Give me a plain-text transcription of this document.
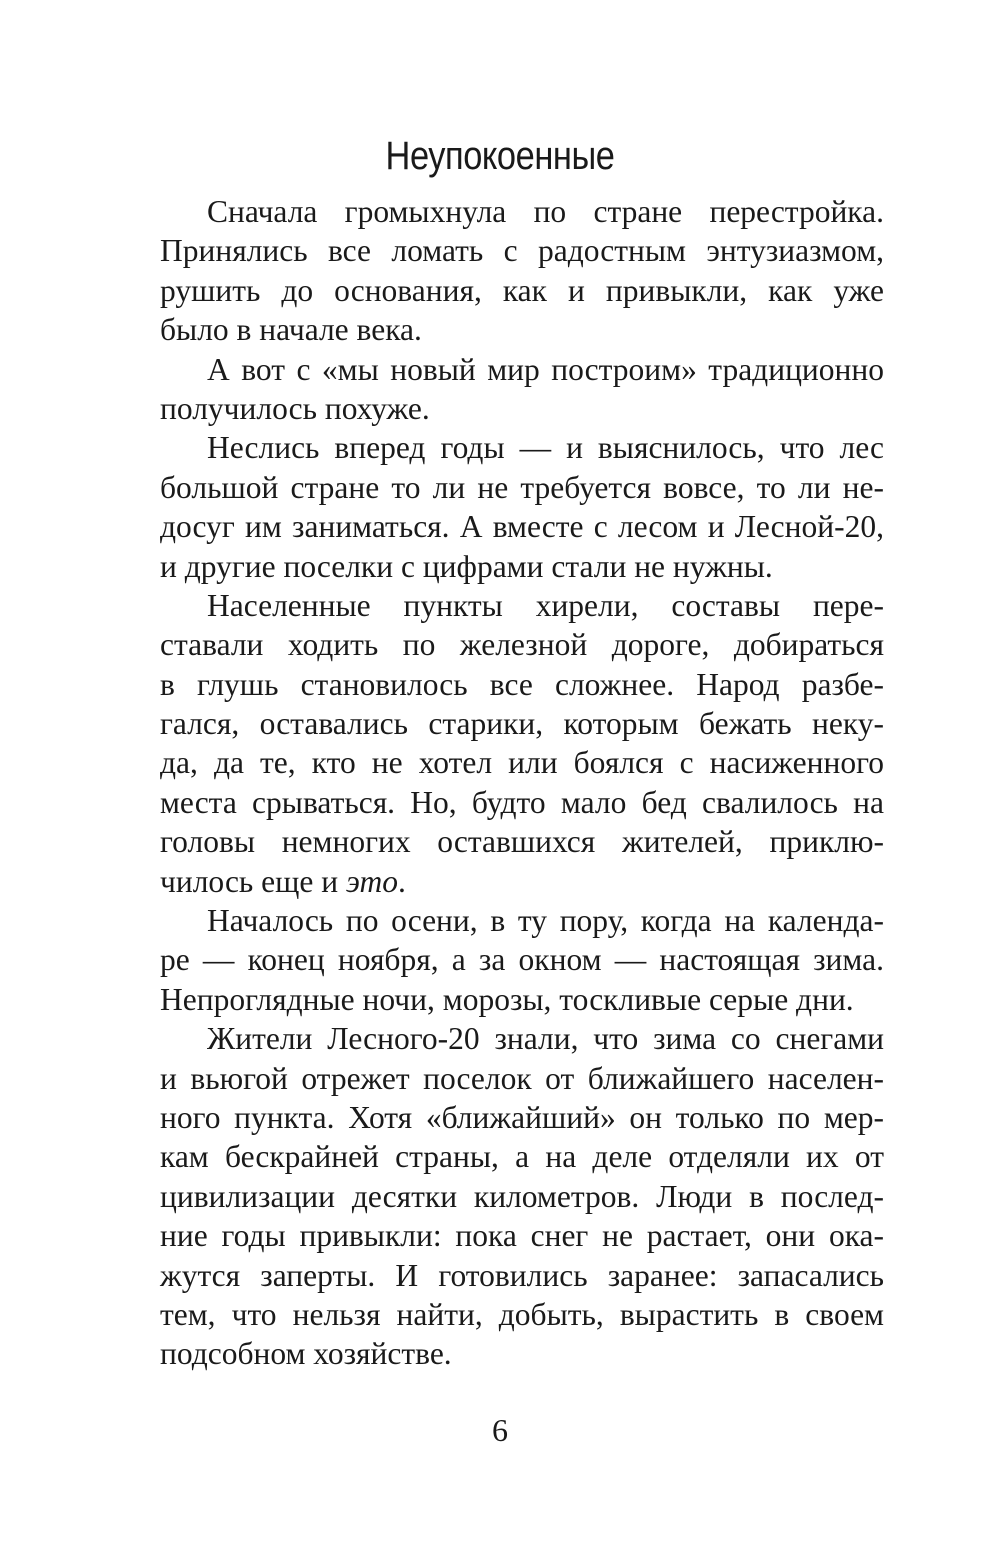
Неупокоенные
Сначала громыхнула по стране перестройка.
Принялись все ломать с радостным энтузиазмом,
рушить до основания, как и привыкли, как уже
было в начале века.
А вот с «мы новый мир построим» традиционно
получилось похуже.
Неслись вперед годы — и выяснилось, что лес
большой стране то ли не требуется вовсе, то ли не-
досуг им заниматься. А вместе с лесом и Лесной-20,
и другие поселки с цифрами стали не нужны.
Населенные пункты хирели, составы пере-
ставали ходить по железной дороге, добираться
в глушь становилось все сложнее. Народ разбе-
гался, оставались старики, которым бежать неку-
да, да те, кто не хотел или боялся с насиженного
места срываться. Но, будто мало бед свалилось на
головы немногих оставшихся жителей, приклю-
чилось еще и это.
Началось по осени, в ту пору, когда на календа-
ре — конец ноября, а за окном — настоящая зима.
Непроглядные ночи, морозы, тоскливые серые дни.
Жители Лесного-20 знали, что зима со снегами
и вьюгой отрежет поселок от ближайшего населен-
ного пункта. Хотя «ближайший» он только по мер-
кам бескрайней страны, а на деле отделяли их от
цивилизации десятки километров. Люди в послед-
ние годы привыкли: пока снег не растает, они ока-
жутся заперты. И готовились заранее: запасались
тем, что нельзя найти, добыть, вырастить в своем
подсобном хозяйстве.
6
